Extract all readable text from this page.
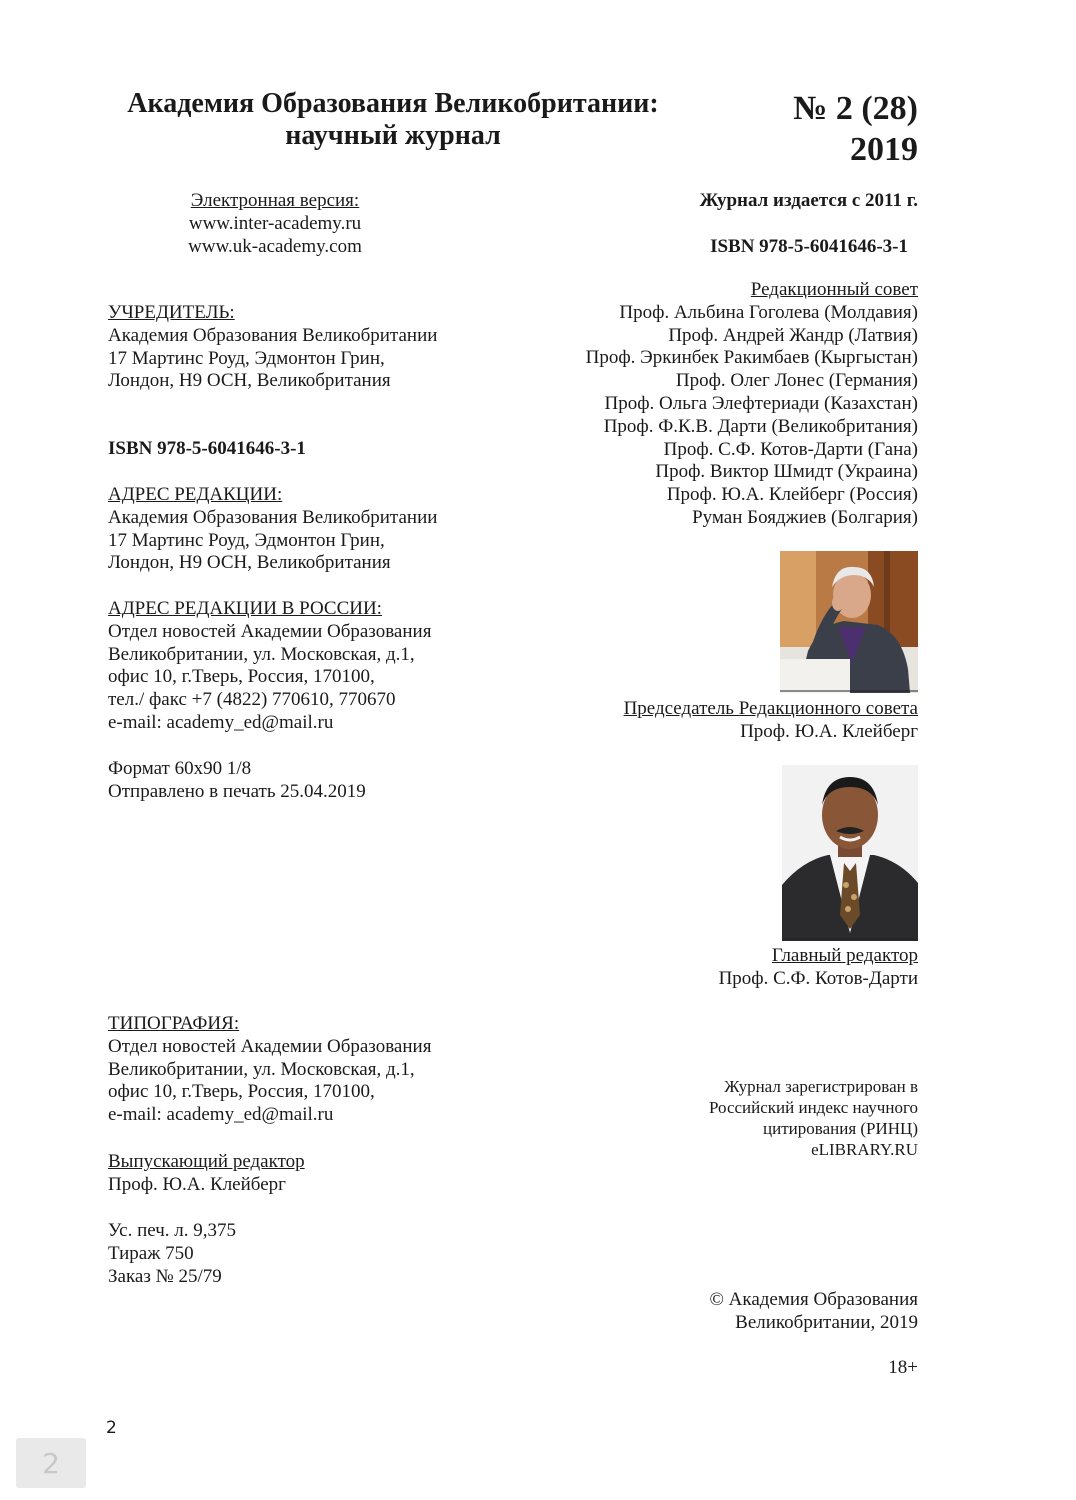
Академия Образования Великобритании:
научный журнал
№ 2 (28)
2019
Электронная версия:
www.inter-academy.ru
www.uk-academy.com
Журнал издается с 2011 г.
ISBN 978-5-6041646-3-1
УЧРЕДИТЕЛЬ:
Академия Образования Великобритании
17 Мартинс Роуд, Эдмонтон Грин,
Лондон, Н9 ОСН, Великобритания
ISBN 978-5-6041646-3-1
АДРЕС РЕДАКЦИИ:
Академия Образования Великобритании
17 Мартинс Роуд, Эдмонтон Грин,
Лондон, Н9 ОСН, Великобритания
АДРЕС РЕДАКЦИИ В РОССИИ:
Отдел новостей Академии Образования
Великобритании, ул. Московская, д.1,
офис 10, г.Тверь, Россия, 170100,
тел./ факс +7 (4822) 770610, 770670
e-mail: academy_ed@mail.ru
Формат 60x90 1/8
Отправлено в печать 25.04.2019
Редакционный совет
Проф. Альбина Гоголева (Молдавия)
Проф. Андрей Жандр (Латвия)
Проф. Эркинбек Ракимбаев (Кыргыстан)
Проф. Олег Лонес (Германия)
Проф. Ольга Элефтериади (Казахстан)
Проф. Ф.К.В. Дарти (Великобритания)
Проф. С.Ф. Котов-Дарти (Гана)
Проф. Виктор Шмидт (Украина)
Проф. Ю.А. Клейберг (Россия)
Руман Бояджиев (Болгария)
Председатель Редакционного совета
Проф. Ю.А. Клейберг
Главный редактор
Проф. С.Ф. Котов-Дарти
ТИПОГРАФИЯ:
Отдел новостей Академии Образования
Великобритании, ул. Московская, д.1,
офис 10, г.Тверь, Россия, 170100,
e-mail: academy_ed@mail.ru
Выпускающий редактор
Проф. Ю.А. Клейберг
Ус. печ. л. 9,375
Тираж 750
Заказ № 25/79
Журнал зарегистрирован в
Российский индекс научного
цитирования (РИНЦ)
eLIBRARY.RU
© Академия Образования
Великобритании, 2019
18+
2
2
